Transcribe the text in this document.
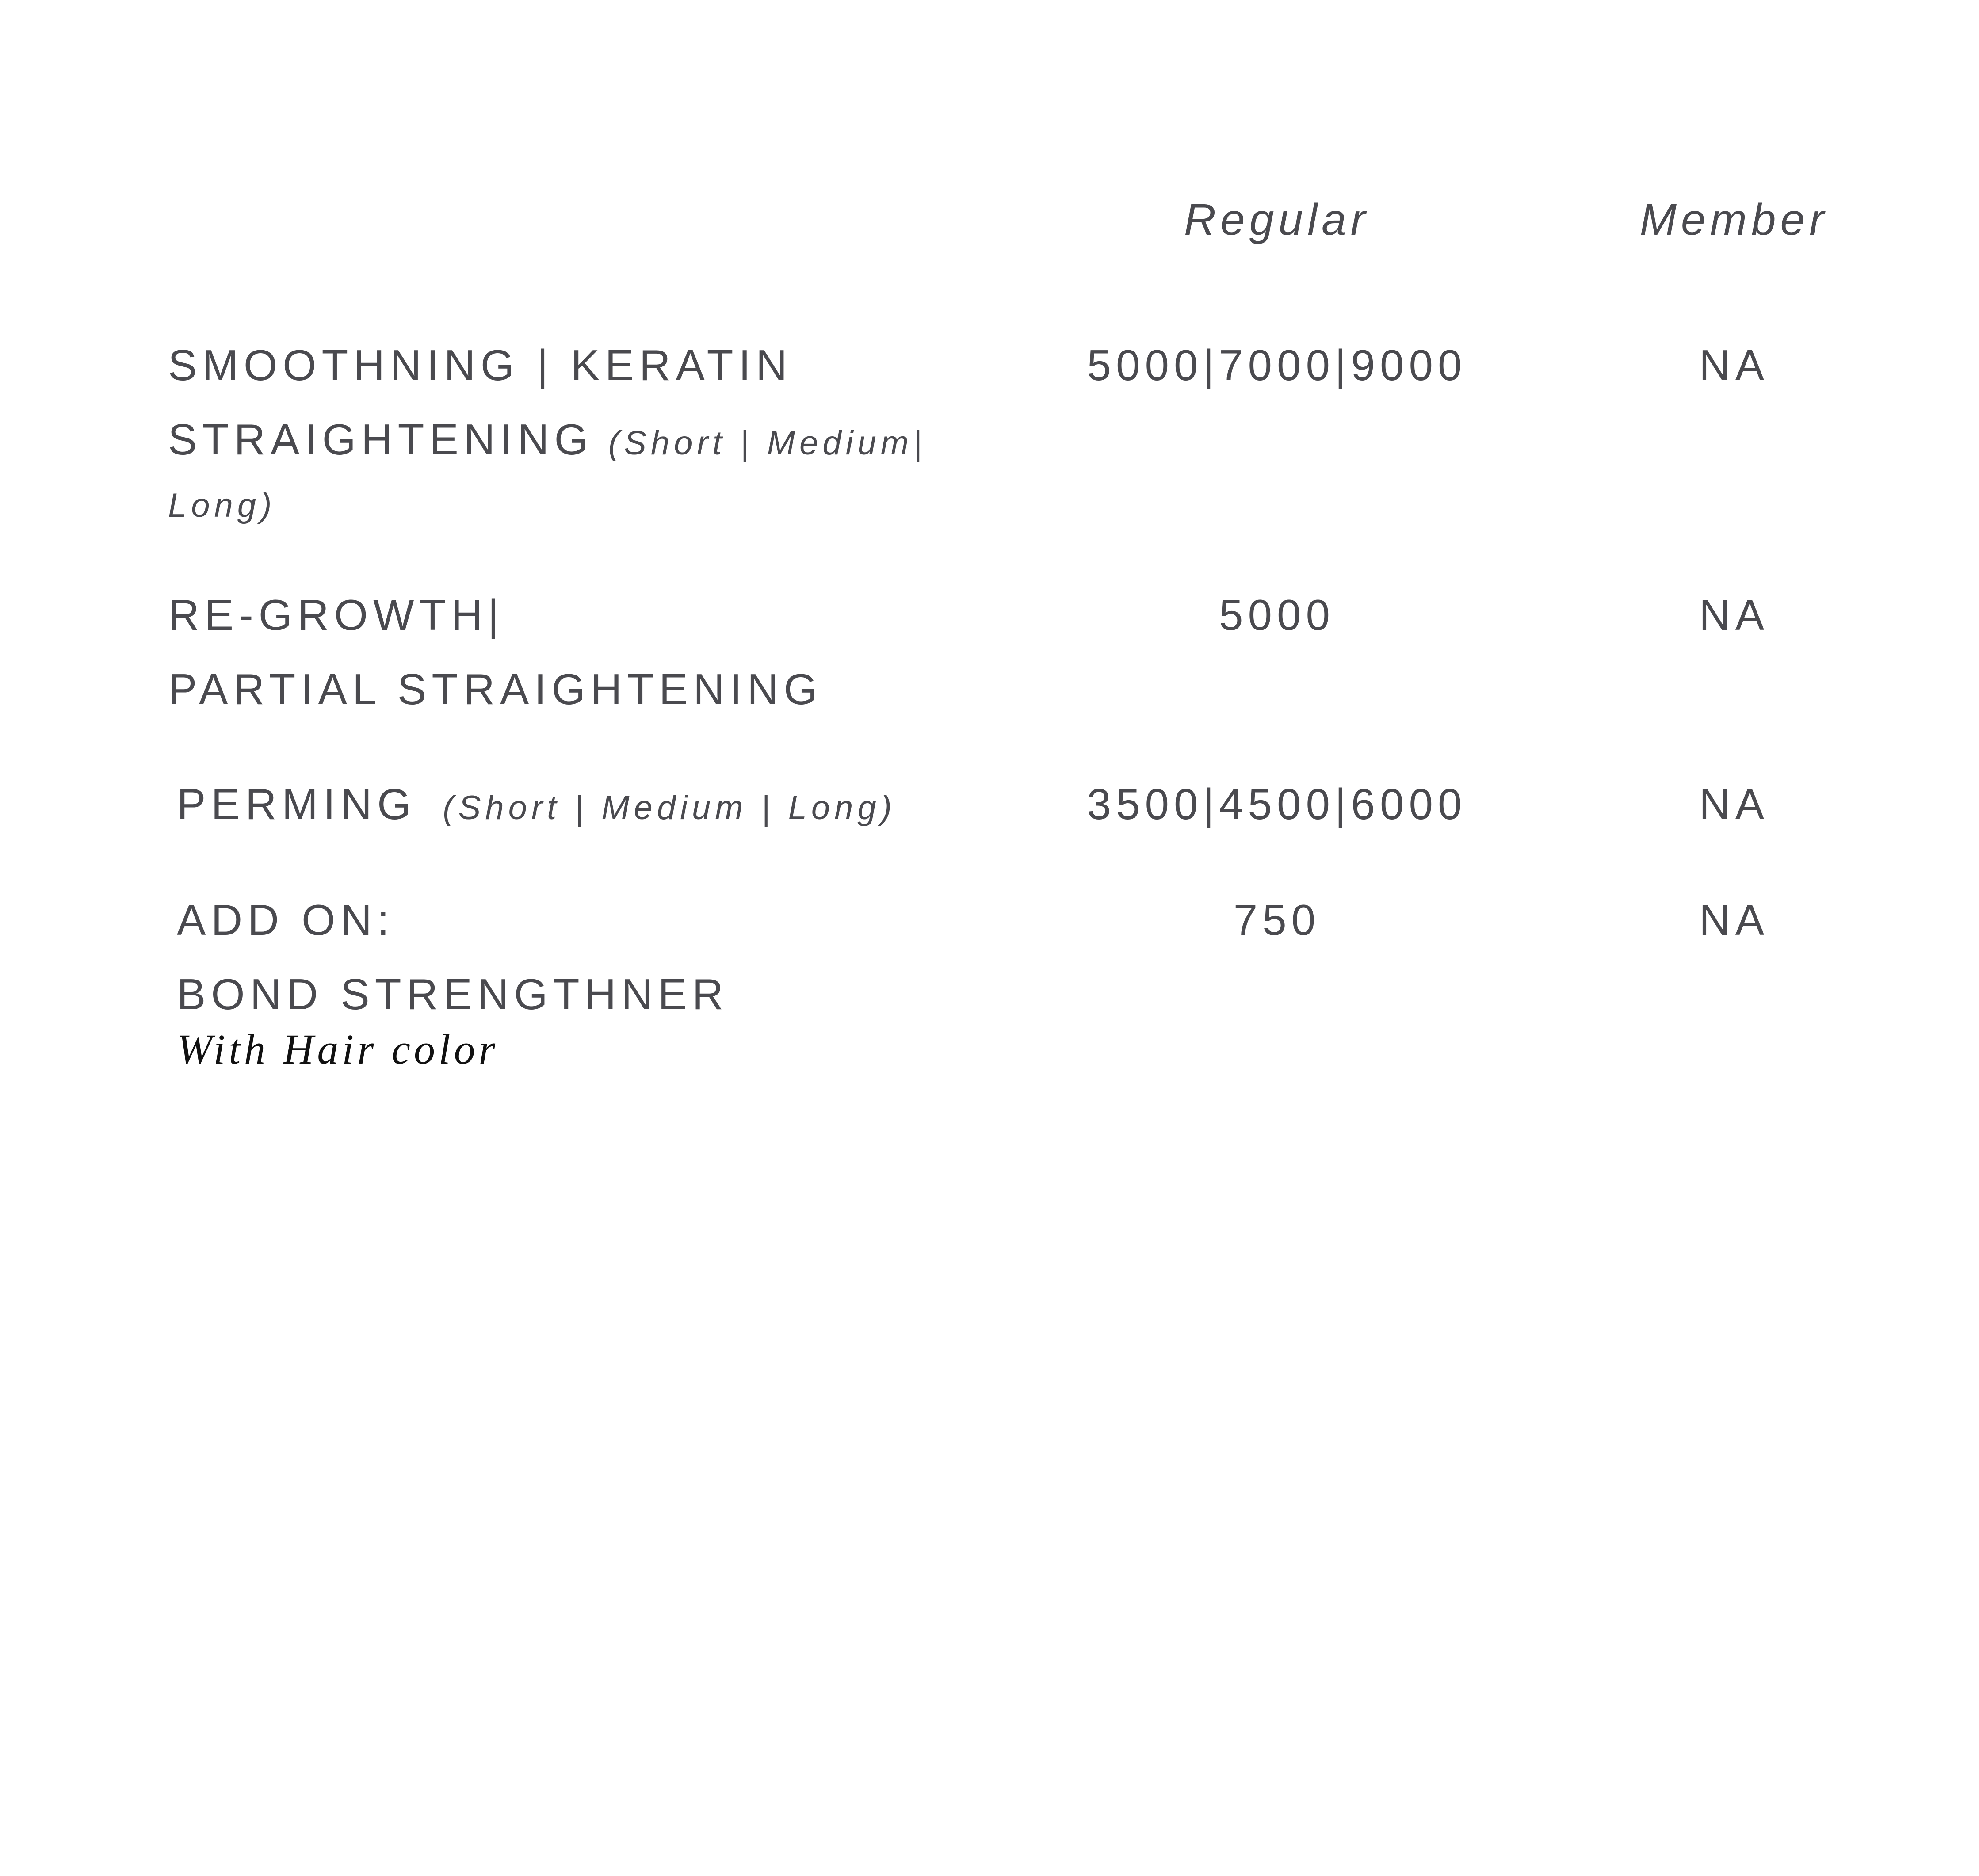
Regular	Member
SMOOTHNING | KERATIN
STRAIGHTENING (Short | Medium|
Long)
5000|7000|9000	NA
RE-GROWTH|
PARTIAL STRAIGHTENING
5000	NA
PERMING (Short | Medium | Long)	3500|4500|6000	NA
ADD ON:
BOND STRENGTHNER
With Hair color
750	NA
